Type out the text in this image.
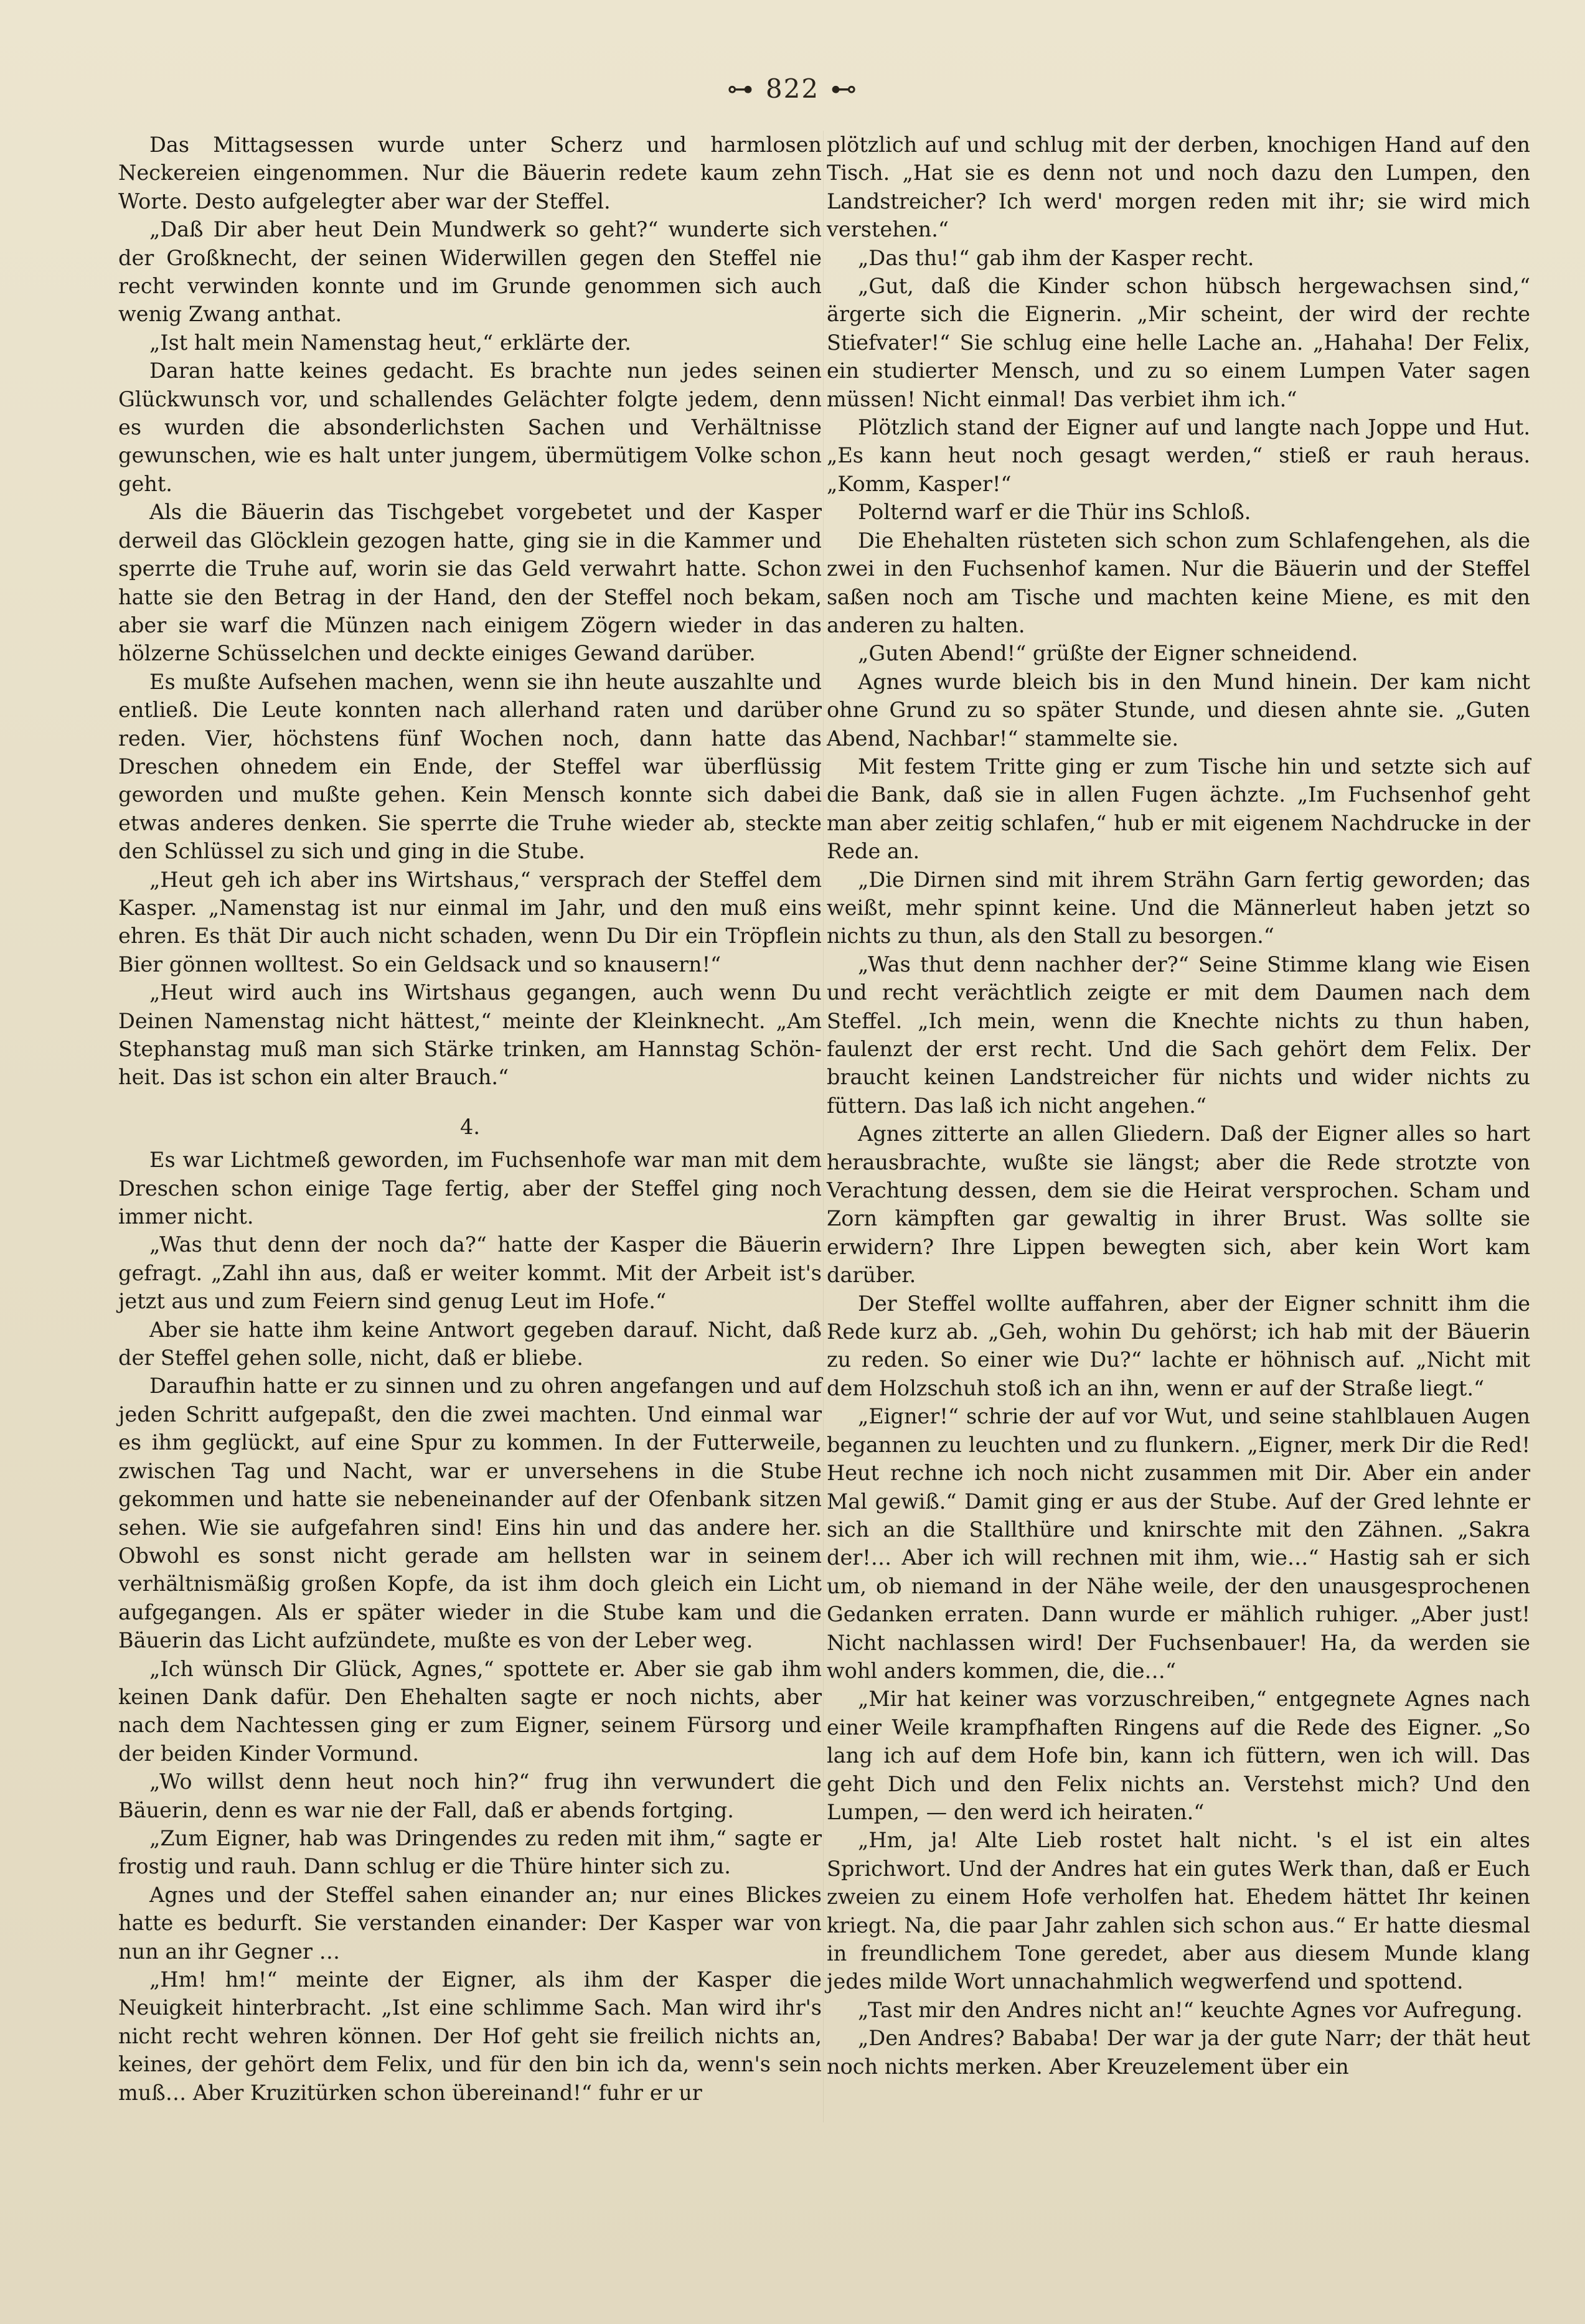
⊶ 822 ⊷

Das Mittagsessen wurde unter Scherz und harmlosen Neckereien eingenommen. Nur die Bäuerin redete kaum zehn Worte. Desto aufgelegter aber war der Steffel.

„Daß Dir aber heut Dein Mundwerk so geht?“ wunderte sich der Großknecht, der seinen Widerwillen gegen den Steffel nie recht verwinden konnte und im Grunde genommen sich auch wenig Zwang anthat.

„Ist halt mein Namenstag heut,“ erklärte der.

Daran hatte keines gedacht. Es brachte nun jedes seinen Glückwunsch vor, und schallendes Gelächter folgte jedem, denn es wurden die absonderlichsten Sachen und Verhältnisse gewunschen, wie es halt unter jungem, übermütigem Volke schon geht.

Als die Bäuerin das Tischgebet vorgebetet und der Kasper derweil das Glöcklein gezogen hatte, ging sie in die Kammer und sperrte die Truhe auf, worin sie das Geld verwahrt hatte. Schon hatte sie den Betrag in der Hand, den der Steffel noch bekam, aber sie warf die Münzen nach einigem Zögern wieder in das hölzerne Schüsselchen und deckte einiges Gewand darüber.

Es mußte Aufsehen machen, wenn sie ihn heute auszahlte und entließ. Die Leute konnten nach allerhand raten und darüber reden. Vier, höchstens fünf Wochen noch, dann hatte das Dreschen ohnedem ein Ende, der Steffel war überflüssig geworden und mußte gehen. Kein Mensch konnte sich dabei etwas anderes denken. Sie sperrte die Truhe wieder ab, steckte den Schlüssel zu sich und ging in die Stube.

„Heut geh ich aber ins Wirtshaus,“ versprach der Steffel dem Kasper. „Namenstag ist nur einmal im Jahr, und den muß eins ehren. Es thät Dir auch nicht schaden, wenn Du Dir ein Tröpflein Bier gönnen wolltest. So ein Geldsack und so knausern!“

„Heut wird auch ins Wirtshaus gegangen, auch wenn Du Deinen Namenstag nicht hättest,“ meinte der Kleinknecht. „Am Stephanstag muß man sich Stärke trinken, am Hannstag Schönheit. Das ist schon ein alter Brauch.“

4.

Es war Lichtmeß geworden, im Fuchsenhofe war man mit dem Dreschen schon einige Tage fertig, aber der Steffel ging noch immer nicht.

„Was thut denn der noch da?“ hatte der Kasper die Bäuerin gefragt. „Zahl ihn aus, daß er weiter kommt. Mit der Arbeit ist's jetzt aus und zum Feiern sind genug Leut im Hofe.“

Aber sie hatte ihm keine Antwort gegeben darauf. Nicht, daß der Steffel gehen solle, nicht, daß er bliebe.

Daraufhin hatte er zu sinnen und zu ohren angefangen und auf jeden Schritt aufgepaßt, den die zwei machten. Und einmal war es ihm geglückt, auf eine Spur zu kommen. In der Futterweile, zwischen Tag und Nacht, war er unversehens in die Stube gekommen und hatte sie nebeneinander auf der Ofenbank sitzen sehen. Wie sie aufgefahren sind! Eins hin und das andere her. Obwohl es sonst nicht gerade am hellsten war in seinem verhältnismäßig großen Kopfe, da ist ihm doch gleich ein Licht aufgegangen. Als er später wieder in die Stube kam und die Bäuerin das Licht aufzündete, mußte es von der Leber weg.

„Ich wünsch Dir Glück, Agnes,“ spottete er. Aber sie gab ihm keinen Dank dafür. Den Ehehalten sagte er noch nichts, aber nach dem Nachtessen ging er zum Eigner, seinem Fürsorg und der beiden Kinder Vormund.

„Wo willst denn heut noch hin?“ frug ihn verwundert die Bäuerin, denn es war nie der Fall, daß er abends fortging.

„Zum Eigner, hab was Dringendes zu reden mit ihm,“ sagte er frostig und rauh. Dann schlug er die Thüre hinter sich zu.

Agnes und der Steffel sahen einander an; nur eines Blickes hatte es bedurft. Sie verstanden einander: Der Kasper war von nun an ihr Gegner …

„Hm! hm!“ meinte der Eigner, als ihm der Kasper die Neuigkeit hinterbracht. „Ist eine schlimme Sach. Man wird ihr's nicht recht wehren können. Der Hof geht sie freilich nichts an, keines, der gehört dem Felix, und für den bin ich da, wenn's sein muß… Aber Kruzitürken schon übereinand!“ fuhr er ur

plötzlich auf und schlug mit der derben, knochigen Hand auf den Tisch. „Hat sie es denn not und noch dazu den Lumpen, den Landstreicher? Ich werd' morgen reden mit ihr; sie wird mich verstehen.“

„Das thu!“ gab ihm der Kasper recht.

„Gut, daß die Kinder schon hübsch hergewachsen sind,“ ärgerte sich die Eignerin. „Mir scheint, der wird der rechte Stiefvater!“ Sie schlug eine helle Lache an. „Hahaha! Der Felix, ein studierter Mensch, und zu so einem Lumpen Vater sagen müssen! Nicht einmal! Das verbiet ihm ich.“

Plötzlich stand der Eigner auf und langte nach Joppe und Hut. „Es kann heut noch gesagt werden,“ stieß er rauh heraus. „Komm, Kasper!“

Polternd warf er die Thür ins Schloß.

Die Ehehalten rüsteten sich schon zum Schlafengehen, als die zwei in den Fuchsenhof kamen. Nur die Bäuerin und der Steffel saßen noch am Tische und machten keine Miene, es mit den anderen zu halten.

„Guten Abend!“ grüßte der Eigner schneidend.

Agnes wurde bleich bis in den Mund hinein. Der kam nicht ohne Grund zu so später Stunde, und diesen ahnte sie. „Guten Abend, Nachbar!“ stammelte sie.

Mit festem Tritte ging er zum Tische hin und setzte sich auf die Bank, daß sie in allen Fugen ächzte. „Im Fuchsenhof geht man aber zeitig schlafen,“ hub er mit eigenem Nachdrucke in der Rede an.

„Die Dirnen sind mit ihrem Strähn Garn fertig geworden; das weißt, mehr spinnt keine. Und die Männerleut haben jetzt so nichts zu thun, als den Stall zu besorgen.“

„Was thut denn nachher der?“ Seine Stimme klang wie Eisen und recht verächtlich zeigte er mit dem Daumen nach dem Steffel. „Ich mein, wenn die Knechte nichts zu thun haben, faulenzt der erst recht. Und die Sach gehört dem Felix. Der braucht keinen Landstreicher für nichts und wider nichts zu füttern. Das laß ich nicht angehen.“

Agnes zitterte an allen Gliedern. Daß der Eigner alles so hart herausbrachte, wußte sie längst; aber die Rede strotzte von Verachtung dessen, dem sie die Heirat versprochen. Scham und Zorn kämpften gar gewaltig in ihrer Brust. Was sollte sie erwidern? Ihre Lippen bewegten sich, aber kein Wort kam darüber.

Der Steffel wollte auffahren, aber der Eigner schnitt ihm die Rede kurz ab. „Geh, wohin Du gehörst; ich hab mit der Bäuerin zu reden. So einer wie Du?“ lachte er höhnisch auf. „Nicht mit dem Holzschuh stoß ich an ihn, wenn er auf der Straße liegt.“

„Eigner!“ schrie der auf vor Wut, und seine stahlblauen Augen begannen zu leuchten und zu flunkern. „Eigner, merk Dir die Red! Heut rechne ich noch nicht zusammen mit Dir. Aber ein ander Mal gewiß.“ Damit ging er aus der Stube. Auf der Gred lehnte er sich an die Stallthüre und knirschte mit den Zähnen. „Sakra der!… Aber ich will rechnen mit ihm, wie…“ Hastig sah er sich um, ob niemand in der Nähe weile, der den unausgesprochenen Gedanken erraten. Dann wurde er mählich ruhiger. „Aber just! Nicht nachlassen wird! Der Fuchsenbauer! Ha, da werden sie wohl anders kommen, die, die…“

„Mir hat keiner was vorzuschreiben,“ entgegnete Agnes nach einer Weile krampfhaften Ringens auf die Rede des Eigner. „So lang ich auf dem Hofe bin, kann ich füttern, wen ich will. Das geht Dich und den Felix nichts an. Verstehst mich? Und den Lumpen, — den werd ich heiraten.“

„Hm, ja! Alte Lieb rostet halt nicht. 's el ist ein altes Sprichwort. Und der Andres hat ein gutes Werk than, daß er Euch zweien zu einem Hofe verholfen hat. Ehedem hättet Ihr keinen kriegt. Na, die paar Jahr zahlen sich schon aus.“ Er hatte diesmal in freundlichem Tone geredet, aber aus diesem Munde klang jedes milde Wort unnachahmlich wegwerfend und spottend.

„Tast mir den Andres nicht an!“ keuchte Agnes vor Aufregung.

„Den Andres? Bababa! Der war ja der gute Narr; der thät heut noch nichts merken. Aber Kreuzelement über ein
